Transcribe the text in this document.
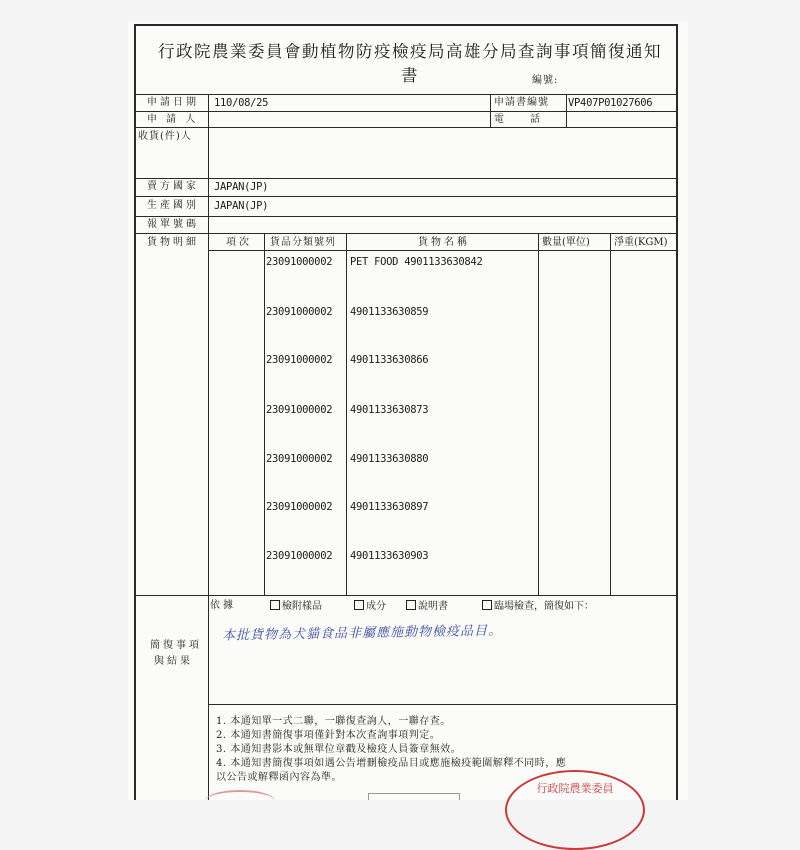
行政院農業委員會動植物防疫檢疫局高雄分局查詢事項簡復通知書	編號:
申請日期 110/08/25	申請書編號 VP407P01027606
申 請 人	電　　話
收貨(件)人
賣方國家 JAPAN(JP)
生產國別 JAPAN(JP)
報單號碼
貨物明細	項次 貨品分類號列	貨物名稱	數量(單位) 淨重(KGM)
23091000002 PET FOOD 4901133630842
23091000002 4901133630859
23091000002 4901133630866
23091000002 4901133630873
23091000002 4901133630880
23091000002 4901133630897
23091000002 4901133630903
依據	檢附樣品	成分	說明書	臨場檢查，簡復如下：
本批貨物為犬貓食品非屬應施動物檢疫品目。
簡復事項
與結果
1. 本通知單一式二聯，一聯復查詢人，一聯存查。
2. 本通知書簡復事項僅針對本次查詢事項判定。
3. 本通知書影本或無單位章戳及檢疫人員簽章無效。
4. 本通知書簡復事項如遇公告增刪檢疫品目或應施檢疫範圍解釋不同時，應
以公告或解釋函內容為準。
行政院農業委員
